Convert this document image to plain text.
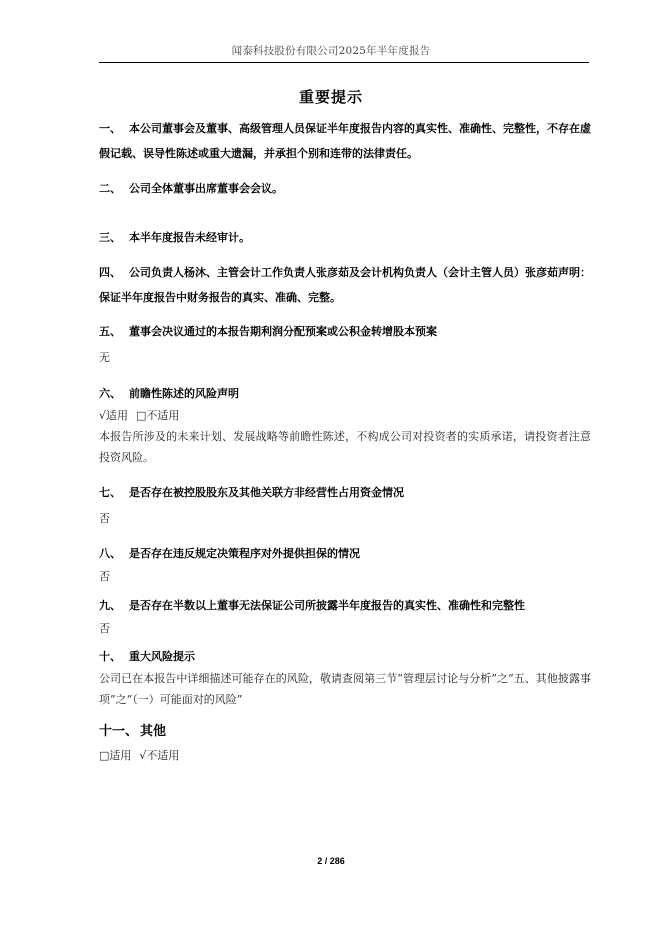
闻泰科技股份有限公司2025年半年度报告
重要提示
一、 本公司董事会及董事、高级管理人员保证半年度报告内容的真实性、准确性、完整性，不存在虚假记载、误导性陈述或重大遗漏，并承担个别和连带的法律责任。
二、 公司全体董事出席董事会会议。
三、 本半年度报告未经审计。
四、 公司负责人杨沐、主管会计工作负责人张彦茹及会计机构负责人（会计主管人员）张彦茹声明：保证半年度报告中财务报告的真实、准确、完整。
五、 董事会决议通过的本报告期利润分配预案或公积金转增股本预案
无
六、 前瞻性陈述的风险声明
√适用 □不适用
本报告所涉及的未来计划、发展战略等前瞻性陈述，不构成公司对投资者的实质承诺，请投资者注意投资风险。
七、 是否存在被控股股东及其他关联方非经营性占用资金情况
否
八、 是否存在违反规定决策程序对外提供担保的情况
否
九、 是否存在半数以上董事无法保证公司所披露半年度报告的真实性、准确性和完整性
否
十、 重大风险提示
公司已在本报告中详细描述可能存在的风险，敬请查阅第三节“管理层讨论与分析”之“五、其他披露事项”之“（一）可能面对的风险”
十一、 其他
□适用 √不适用
2 / 286
